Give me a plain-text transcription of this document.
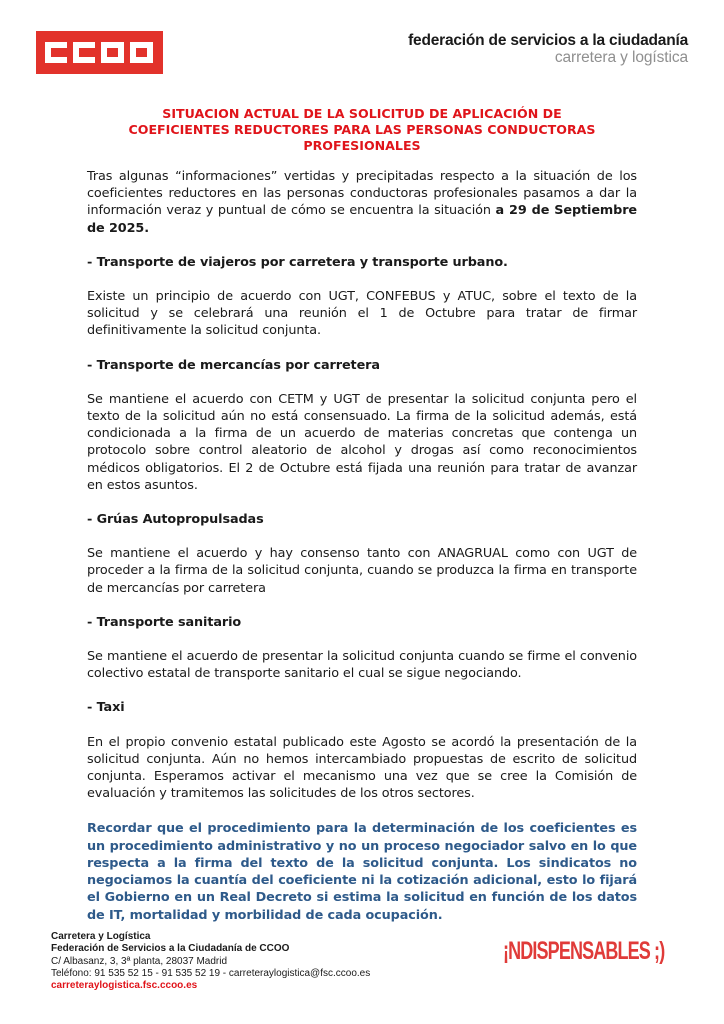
federación de servicios a la ciudadanía
carretera y logística
SITUACION ACTUAL DE LA SOLICITUD DE APLICACIÓN DE
COEFICIENTES REDUCTORES PARA LAS PERSONAS CONDUCTORAS
PROFESIONALES

Tras algunas “informaciones” vertidas y precipitadas respecto a la situación de los coeficientes reductores en las personas conductoras profesionales pasamos a dar la información veraz y puntual de cómo se encuentra la situación a 29 de Septiembre de 2025.

- Transporte de viajeros por carretera y transporte urbano.

Existe un principio de acuerdo con UGT, CONFEBUS y ATUC, sobre el texto de la solicitud y se celebrará una reunión el 1 de Octubre para tratar de firmar definitivamente la solicitud conjunta.

- Transporte de mercancías por carretera

Se mantiene el acuerdo con CETM y UGT de presentar la solicitud conjunta pero el texto de la solicitud aún no está consensuado. La firma de la solicitud además, está condicionada a la firma de un acuerdo de materias concretas que contenga un protocolo sobre control aleatorio de alcohol y drogas así como reconocimientos médicos obligatorios. El 2 de Octubre está fijada una reunión para tratar de avanzar en estos asuntos.

- Grúas Autopropulsadas

Se mantiene el acuerdo y hay consenso tanto con ANAGRUAL como con UGT de proceder a la firma de la solicitud conjunta, cuando se produzca la firma en transporte de mercancías por carretera

- Transporte sanitario

Se mantiene el acuerdo de presentar la solicitud conjunta cuando se firme el convenio colectivo estatal de transporte sanitario el cual se sigue negociando.

- Taxi

En el propio convenio estatal publicado este Agosto se acordó la presentación de la solicitud conjunta. Aún no hemos intercambiado propuestas de escrito de solicitud conjunta. Esperamos activar el mecanismo una vez que se cree la Comisión de evaluación y tramitemos las solicitudes de los otros sectores.

Recordar que el procedimiento para la determinación de los coeficientes es un procedimiento administrativo y no un proceso negociador salvo en lo que respecta a la firma del texto de la solicitud conjunta. Los sindicatos no negociamos la cuantía del coeficiente ni la cotización adicional, esto lo fijará el Gobierno en un Real Decreto si estima la solicitud en función de los datos de IT, mortalidad y morbilidad de cada ocupación.

Carretera y Logística
Federación de Servicios a la Ciudadanía de CCOO
C/ Albasanz, 3, 3ª planta, 28037 Madrid
Teléfono: 91 535 52 15 - 91 535 52 19 - carreteraylogistica@fsc.ccoo.es
carreteraylogistica.fsc.ccoo.es
¡NDISPENSABLES ;)
